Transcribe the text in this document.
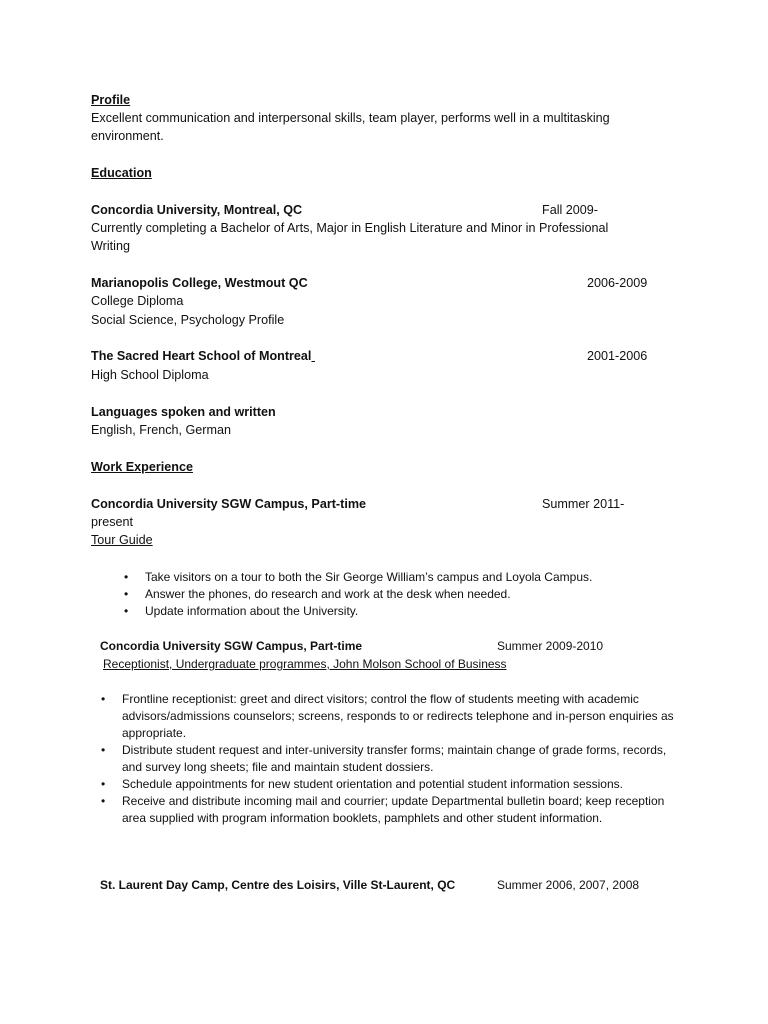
Profile
Excellent communication and interpersonal skills, team player, performs well in a multitasking
environment.
Education
Concordia University, Montreal, QC	Fall 2009-
Currently completing a Bachelor of Arts, Major in English Literature and Minor in Professional
Writing
Marianopolis College, Westmout QC	2006-2009
College Diploma
Social Science, Psychology Profile
The Sacred Heart School of Montreal	2001-2006
High School Diploma
Languages spoken and written
English, French, German
Work Experience
Concordia University SGW Campus, Part-time	Summer 2011-
present
Tour Guide
• Take visitors on a tour to both the Sir George William’s campus and Loyola Campus.
• Answer the phones, do research and work at the desk when needed.
• Update information about the University.
Concordia University SGW Campus, Part-time	Summer 2009-2010
Receptionist, Undergraduate programmes, John Molson School of Business
• Frontline receptionist: greet and direct visitors; control the flow of students meeting with academic advisors/admissions counselors; screens, responds to or redirects telephone and in-person enquiries as appropriate.
• Distribute student request and inter-university transfer forms; maintain change of grade forms, records, and survey long sheets; file and maintain student dossiers.
• Schedule appointments for new student orientation and potential student information sessions.
• Receive and distribute incoming mail and courrier; update Departmental bulletin board; keep reception area supplied with program information booklets, pamphlets and other student information.
St. Laurent Day Camp, Centre des Loisirs, Ville St-Laurent, QC	Summer 2006, 2007, 2008
